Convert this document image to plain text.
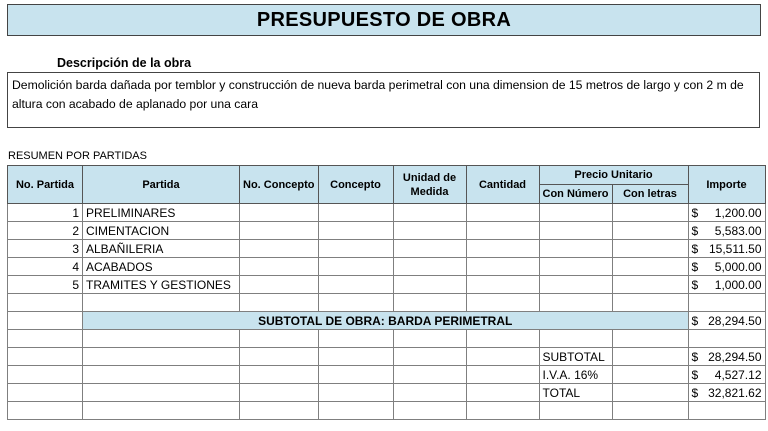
PRESUPUESTO DE OBRA
Descripción de la obra
Demolición barda dañada por temblor y construcción de nueva barda perimetral con una dimension de 15 metros de largo y con 2 m de altura con acabado de aplanado por una cara
RESUMEN POR PARTIDAS
No. Partida	Partida	No. Concepto	Concepto	Unidad de Medida	Cantidad	Precio Unitario		Importe
						Con Número	Con letras	
1	PRELIMINARES							$ 1,200.00

2	CIMENTACION							$ 5,583.00

3	ALBAÑILERIA							$ 15,511.50

4	ACABADOS							$ 5,000.00

5	TRAMITES Y GESTIONES							$ 1,000.00

	SUBTOTAL DE OBRA: BARDA PERIMETRAL							$ 28,294.50

						SUBTOTAL		$ 28,294.50

						I.V.A. 16%		$ 4,527.12

						TOTAL		$ 32,821.62
